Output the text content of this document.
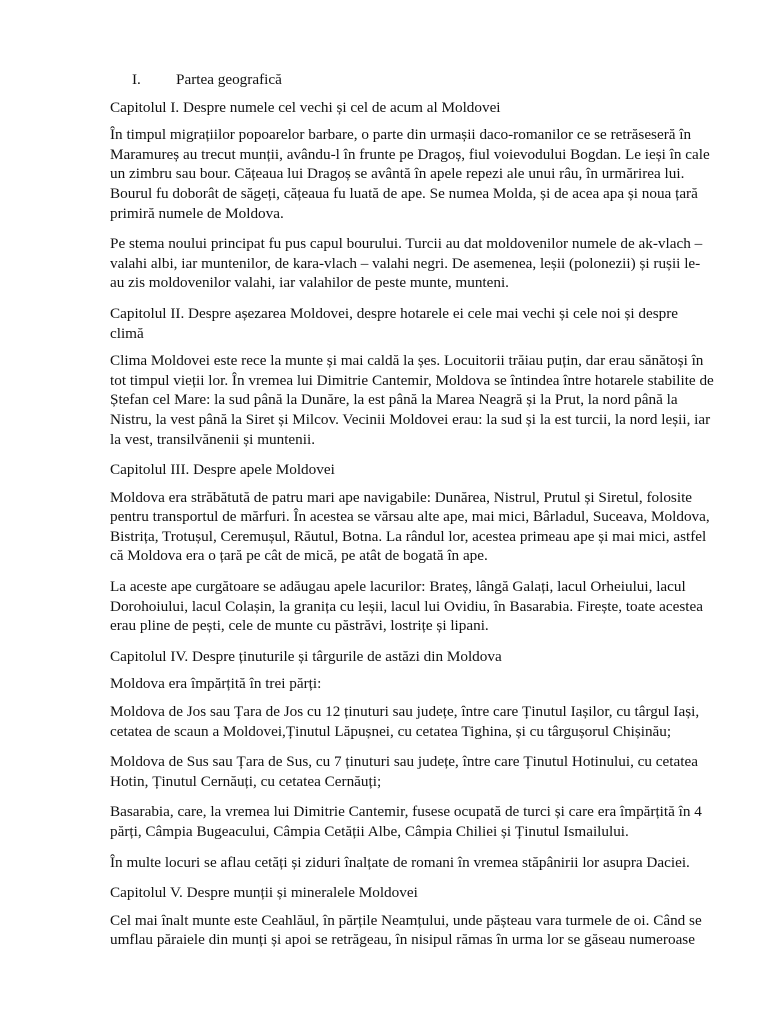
I.	Partea geografică
Capitolul I. Despre numele cel vechi și cel de acum al Moldovei

În timpul migrațiilor popoarelor barbare, o parte din urmașii daco-romanilor ce se retrăseseră în Maramureș au trecut munții, avându-l în frunte pe Dragoș, fiul voievodului Bogdan. Le ieși în cale un zimbru sau bour. Cățeaua lui Dragoș se avântă în apele repezi ale unui râu, în urmărirea lui. Bourul fu doborât de săgeți, cățeaua fu luată de ape. Se numea Molda, și de acea apa și noua țară primiră numele de Moldova.

Pe stema noului principat fu pus capul bourului. Turcii au dat moldovenilor numele de ak-vlach – valahi albi, iar muntenilor, de kara-vlach – valahi negri. De asemenea, leșii (polonezii) și rușii le-au zis moldovenilor valahi, iar valahilor de peste munte, munteni.

Capitolul II. Despre așezarea Moldovei, despre hotarele ei cele mai vechi și cele noi și despre climă

Clima Moldovei este rece la munte și mai caldă la șes. Locuitorii trăiau puțin, dar erau sănătoși în tot timpul vieții lor. În vremea lui Dimitrie Cantemir, Moldova se întindea între hotarele stabilite de Ștefan cel Mare: la sud până la Dunăre, la est până la Marea Neagră și la Prut, la nord până la Nistru, la vest până la Siret și Milcov. Vecinii Moldovei erau: la sud și la est turcii, la nord leșii, iar la vest, transilvănenii și muntenii.

Capitolul III. Despre apele Moldovei

Moldova era străbătută de patru mari ape navigabile: Dunărea, Nistrul, Prutul și Siretul, folosite pentru transportul de mărfuri. În acestea se vărsau alte ape, mai mici, Bârladul, Suceava, Moldova, Bistrița, Trotușul, Ceremușul, Răutul, Botna. La rândul lor, acestea primeau ape și mai mici, astfel că Moldova era o țară pe cât de mică, pe atât de bogată în ape.

La aceste ape curgătoare se adăugau apele lacurilor: Brateș, lângă Galați, lacul Orheiului, lacul Dorohoiului, lacul Colașin, la granița cu leșii, lacul lui Ovidiu, în Basarabia. Firește, toate acestea erau pline de pești, cele de munte cu păstrăvi, lostrițe și lipani.

Capitolul IV. Despre ținuturile și târgurile de astăzi din Moldova
Moldova era împărțită în trei părți:

Moldova de Jos sau Țara de Jos cu 12 ținuturi sau județe, între care Ținutul Iașilor, cu târgul Iași, cetatea de scaun a Moldovei,Ținutul Lăpușnei, cu cetatea Tighina, și cu târgușorul Chișinău;

Moldova de Sus sau Țara de Sus, cu 7 ținuturi sau județe, între care Ținutul Hotinului, cu cetatea Hotin, Ținutul Cernăuți, cu cetatea Cernăuți;

Basarabia, care, la vremea lui Dimitrie Cantemir, fusese ocupată de turci și care era împărțită în 4 părți, Câmpia Bugeacului, Câmpia Cetății Albe, Câmpia Chiliei și Ținutul Ismailului.

În multe locuri se aflau cetăți și ziduri înalțate de romani în vremea stăpânirii lor asupra Daciei.

Capitolul V. Despre munții și mineralele Moldovei

Cel mai înalt munte este Ceahlăul, în părțile Neamțului, unde pășteau vara turmele de oi. Când se umflau păraiele din munți și apoi se retrăgeau, în nisipul rămas în urma lor se găseau numeroase
